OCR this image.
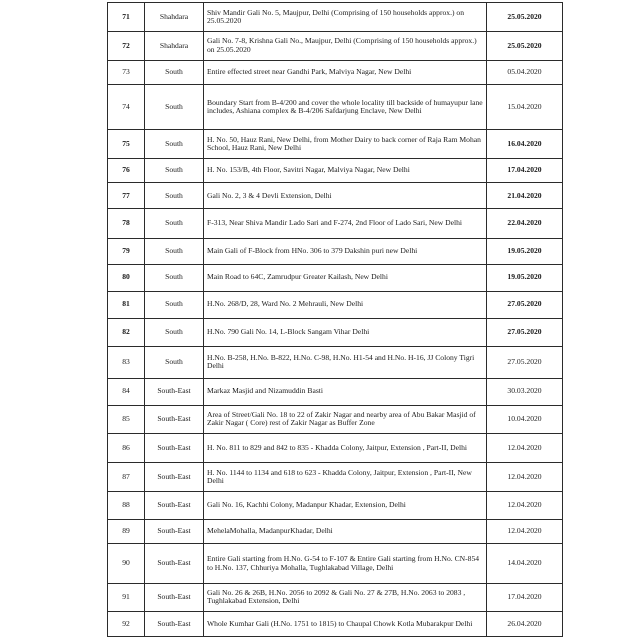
71	Shahdara	Shiv Mandir Gali No. 5, Maujpur, Delhi (Comprising of 150 households approx.) on 25.05.2020	25.05.2020
72	Shahdara	Gali No. 7-8, Krishna Gali No., Maujpur, Delhi (Comprising of 150 households approx.) on 25.05.2020	25.05.2020
73	South	Entire effected street near Gandhi Park, Malviya Nagar, New Delhi	05.04.2020
74	South	Boundary Start from B-4/200 and cover the whole locality till backside of humayupur lane includes, Ashiana complex & B-4/206 Safdarjung Enclave, New Delhi	15.04.2020
75	South	H. No. 50, Hauz Rani, New Delhi, from Mother Dairy to back corner of Raja Ram Mohan School, Hauz Rani, New Delhi	16.04.2020
76	South	H. No. 153/B, 4th Floor, Savitri Nagar, Malviya Nagar, New Delhi	17.04.2020
77	South	Gali No. 2, 3 & 4 Devli Extension, Delhi	21.04.2020
78	South	F-313, Near Shiva Mandir Lado Sari and F-274, 2nd Floor of Lado Sari, New Delhi	22.04.2020
79	South	Main Gali of F-Block from HNo. 306 to 379 Dakshin puri new Delhi	19.05.2020
80	South	Main Road to 64C, Zamrudpur Greater Kailash, New Delhi	19.05.2020
81	South	H.No. 268/D, 28, Ward No. 2 Mehrauli, New Delhi	27.05.2020
82	South	H.No. 790 Gali No. 14, L-Block Sangam Vihar Delhi	27.05.2020
83	South	H.No. B-258, H.No. B-822, H.No. C-98, H.No. H1-54 and H.No. H-16, JJ Colony Tigri Delhi	27.05.2020
84	South-East	Markaz Masjid and Nizamuddin Basti	30.03.2020
85	South-East	Area of Street/Gali No. 18 to 22 of Zakir Nagar and nearby area of Abu Bakar Masjid of Zakir Nagar ( Core) rest of Zakir Nagar as Buffer Zone	10.04.2020
86	South-East	H. No. 811 to 829 and 842 to 835 - Khadda Colony, Jaitpur, Extension , Part-II, Delhi	12.04.2020
87	South-East	H. No. 1144 to 1134 and 618 to 623 - Khadda Colony, Jaitpur, Extension , Part-II, New Delhi	12.04.2020
88	South-East	Gali No. 16, Kachhi Colony, Madanpur Khadar, Extension, Delhi	12.04.2020
89	South-East	MehelaMohalla, MadanpurKhadar, Delhi	12.04.2020
90	South-East	Entire Gali starting from H.No. G-54 to F-107 & Entire Gali starting from H.No. CN-854 to H.No. 137, Chhuriya Mohalla, Tughlakabad Village, Delhi	14.04.2020
91	South-East	Gali No. 26 & 26B, H.No. 2056 to 2092 & Gali No. 27 & 27B, H.No. 2063 to 2083 , Tughlakabad Extension, Delhi	17.04.2020
92	South-East	Whole Kumhar Gali (H.No. 1751 to 1815) to Chaupal Chowk Kotla Mubarakpur Delhi	26.04.2020
